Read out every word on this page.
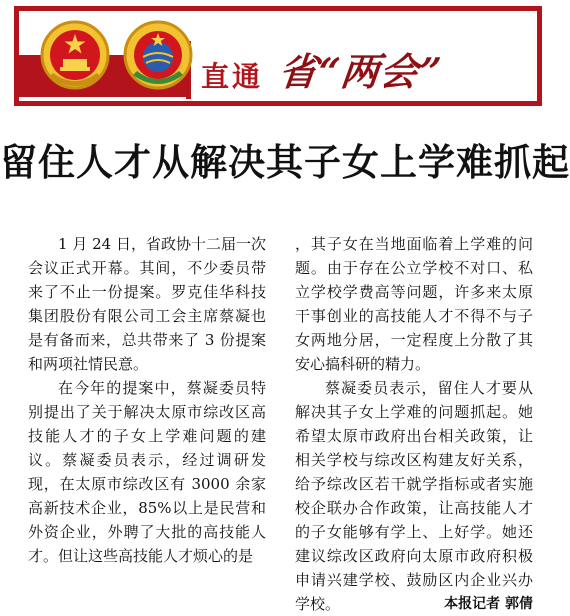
直通 省“两会”
留住人才从解决其子女上学难抓起

1 月 24 日，省政协十二届一次会议正式开幕。其间，不少委员带来了不止一份提案。罗克佳华科技集团股份有限公司工会主席蔡凝也是有备而来，总共带来了 3 份提案和两项社情民意。

在今年的提案中，蔡凝委员特别提出了关于解决太原市综改区高技能人才的子女上学难问题的建议。蔡凝委员表示，经过调研发现，在太原市综改区有 3000 余家高新技术企业，85%以上是民营和外资企业，外聘了大批的高技能人才。但让这些高技能人才烦心的是

，其子女在当地面临着上学难的问题。由于存在公立学校不对口、私立学校学费高等问题，许多来太原干事创业的高技能人才不得不与子女两地分居，一定程度上分散了其安心搞科研的精力。

蔡凝委员表示，留住人才要从解决其子女上学难的问题抓起。她希望太原市政府出台相关政策，让相关学校与综改区构建友好关系，给予综改区若干就学指标或者实施校企联办合作政策，让高技能人才的子女能够有学上、上好学。她还建议综改区政府向太原市政府积极申请兴建学校、鼓励区内企业兴办学校。	本报记者 郭倩
